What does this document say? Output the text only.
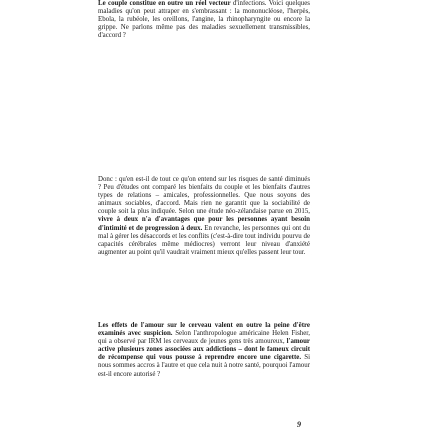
Le couple constitue en outre un réel vecteur d'infections. Voici quelques maladies qu'on peut attraper en s'embrassant : la mononucléose, l'herpès, Ebola, la rubéole, les oreillons, l'angine, la rhinopharyngite ou encore la grippe. Ne parlons même pas des maladies sexuellement transmissibles, d'accord ?

Donc : qu'en est-il de tout ce qu'on entend sur les risques de santé diminués ? Peu d'études ont comparé les bienfaits du couple et les bienfaits d'autres types de relations – amicales, professionnelles. Que nous soyons des animaux sociables, d'accord. Mais rien ne garantit que la sociabilité de couple soit la plus indiquée. Selon une étude néo-zélandaise parue en 2015, vivre à deux n'a d'avantages que pour les personnes ayant besoin d'intimité et de progression à deux. En revanche, les personnes qui ont du mal à gérer les désaccords et les conflits (c'est-à-dire tout individu pourvu de capacités cérébrales même médiocres) verront leur niveau d'anxiété augmenter au point qu'il vaudrait vraiment mieux qu'elles passent leur tour.

Les effets de l'amour sur le cerveau valent en outre la peine d'être examinés avec suspicion. Selon l'anthropologue américaine Helen Fisher, qui a observé par IRM les cerveaux de jeunes gens très amoureux, l'amour active plusieurs zones associées aux addictions – dont le fameux circuit de récompense qui vous pousse à reprendre encore une cigarette. Si nous sommes accros à l'autre et que cela nuit à notre santé, pourquoi l'amour est-il encore autorisé ?

9
